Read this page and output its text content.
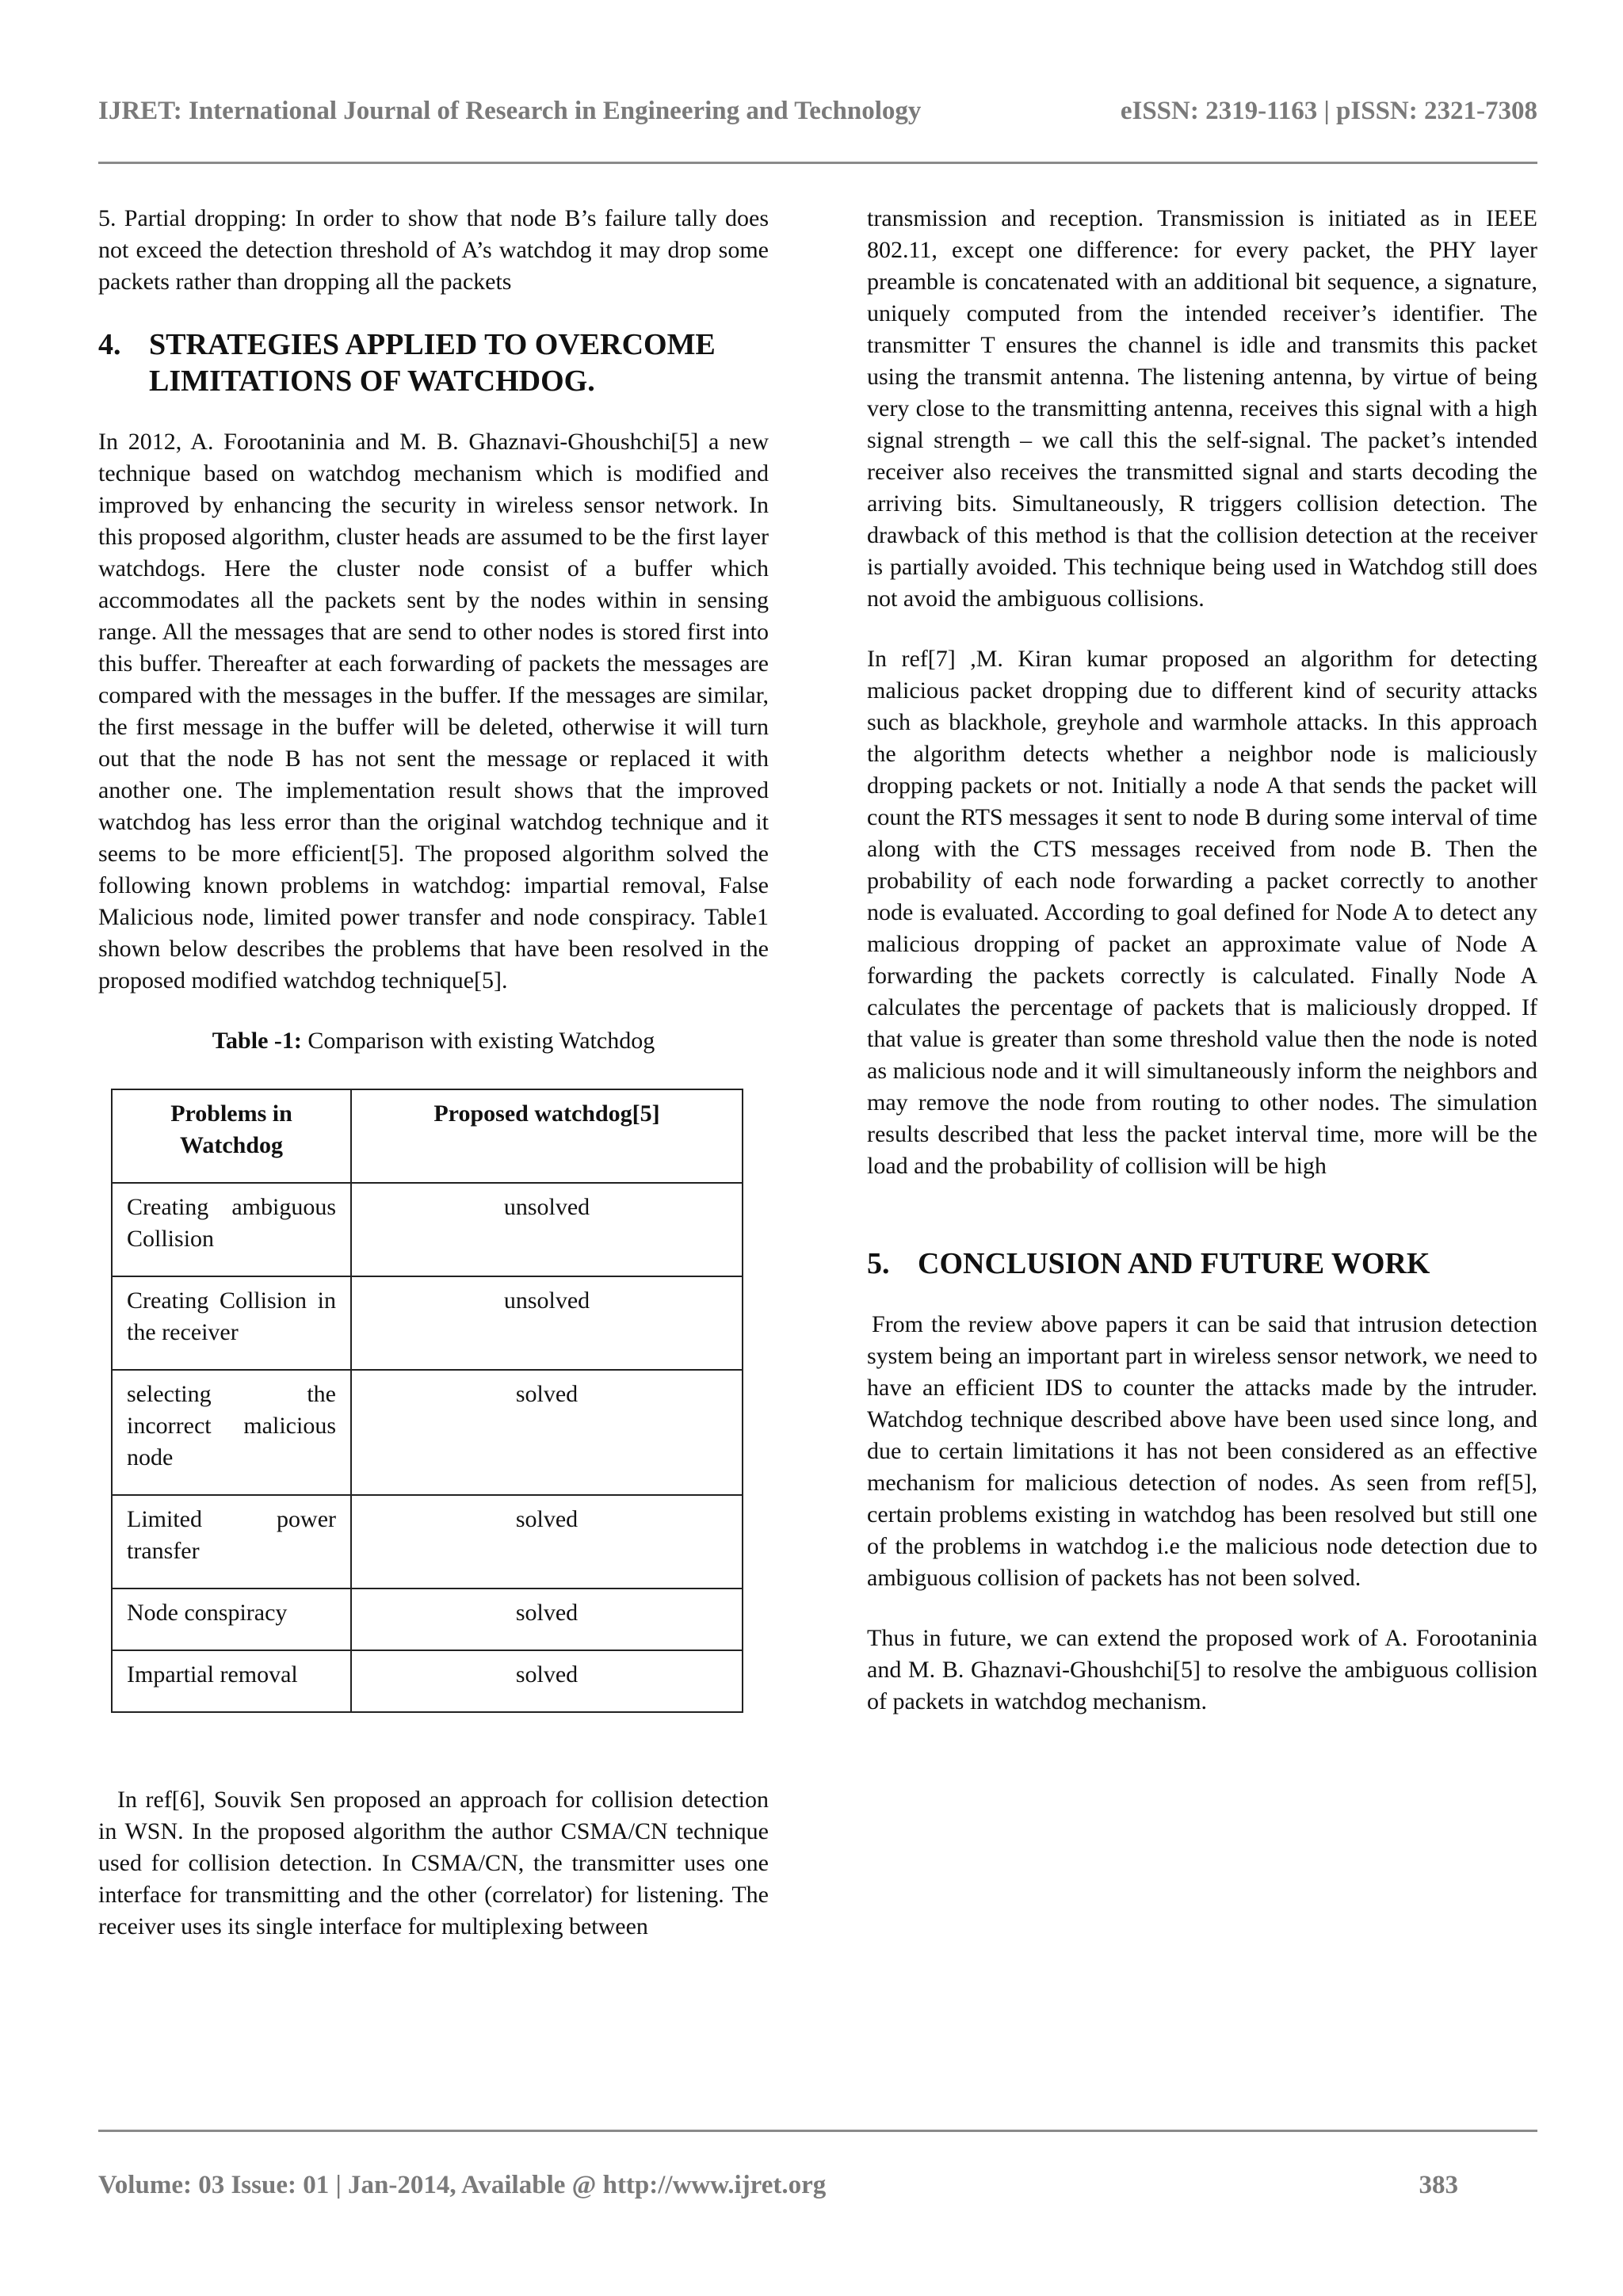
IJRET: International Journal of Research in Engineering and Technology	eISSN: 2319-1163 | pISSN: 2321-7308

5. Partial dropping: In order to show that node B’s failure tally does not exceed the detection threshold of A’s watchdog it may drop some packets rather than dropping all the packets

4. STRATEGIES APPLIED TO OVERCOME LIMITATIONS OF WATCHDOG.

In 2012, A. Forootaninia and M. B. Ghaznavi-Ghoushchi[5] a new technique based on watchdog mechanism which is modified and improved by enhancing the security in wireless sensor network. In this proposed algorithm, cluster heads are assumed to be the first layer watchdogs. Here the cluster node consist of a buffer which accommodates all the packets sent by the nodes within in sensing range. All the messages that are send to other nodes is stored first into this buffer. Thereafter at each forwarding of packets the messages are compared with the messages in the buffer. If the messages are similar, the first message in the buffer will be deleted, otherwise it will turn out that the node B has not sent the message or replaced it with another one. The implementation result shows that the improved watchdog has less error than the original watchdog technique and it seems to be more efficient[5]. The proposed algorithm solved the following known problems in watchdog: impartial removal, False Malicious node, limited power transfer and node conspiracy. Table1 shown below describes the problems that have been resolved in the proposed modified watchdog technique[5].

Table -1: Comparison with existing Watchdog
Problems in Watchdog	Proposed watchdog[5]
Creating ambiguous Collision	unsolved
Creating Collision in the receiver	unsolved
selecting the incorrect malicious node	solved
Limited power transfer	solved
Node conspiracy	solved
Impartial removal	solved

In ref[6], Souvik Sen proposed an approach for collision detection in WSN. In the proposed algorithm the author CSMA/CN technique used for collision detection. In CSMA/CN, the transmitter uses one interface for transmitting and the other (correlator) for listening. The receiver uses its single interface for multiplexing between

transmission and reception. Transmission is initiated as in IEEE 802.11, except one difference: for every packet, the PHY layer preamble is concatenated with an additional bit sequence, a signature, uniquely computed from the intended receiver’s identifier. The transmitter T ensures the channel is idle and transmits this packet using the transmit antenna. The listening antenna, by virtue of being very close to the transmitting antenna, receives this signal with a high signal strength – we call this the self-signal. The packet’s intended receiver also receives the transmitted signal and starts decoding the arriving bits. Simultaneously, R triggers collision detection. The drawback of this method is that the collision detection at the receiver is partially avoided. This technique being used in Watchdog still does not avoid the ambiguous collisions.

In ref[7] ,M. Kiran kumar proposed an algorithm for detecting malicious packet dropping due to different kind of security attacks such as blackhole, greyhole and warmhole attacks. In this approach the algorithm detects whether a neighbor node is maliciously dropping packets or not. Initially a node A that sends the packet will count the RTS messages it sent to node B during some interval of time along with the CTS messages received from node B. Then the probability of each node forwarding a packet correctly to another node is evaluated. According to goal defined for Node A to detect any malicious dropping of packet an approximate value of Node A forwarding the packets correctly is calculated. Finally Node A calculates the percentage of packets that is maliciously dropped. If that value is greater than some threshold value then the node is noted as malicious node and it will simultaneously inform the neighbors and may remove the node from routing to other nodes. The simulation results described that less the packet interval time, more will be the load and the probability of collision will be high

5. CONCLUSION AND FUTURE WORK

From the review above papers it can be said that intrusion detection system being an important part in wireless sensor network, we need to have an efficient IDS to counter the attacks made by the intruder. Watchdog technique described above have been used since long, and due to certain limitations it has not been considered as an effective mechanism for malicious detection of nodes. As seen from ref[5], certain problems existing in watchdog has been resolved but still one of the problems in watchdog i.e the malicious node detection due to ambiguous collision of packets has not been solved.

Thus in future, we can extend the proposed work of A. Forootaninia and M. B. Ghaznavi-Ghoushchi[5] to resolve the ambiguous collision of packets in watchdog mechanism.

Volume: 03 Issue: 01 | Jan-2014, Available @ http://www.ijret.org	383
